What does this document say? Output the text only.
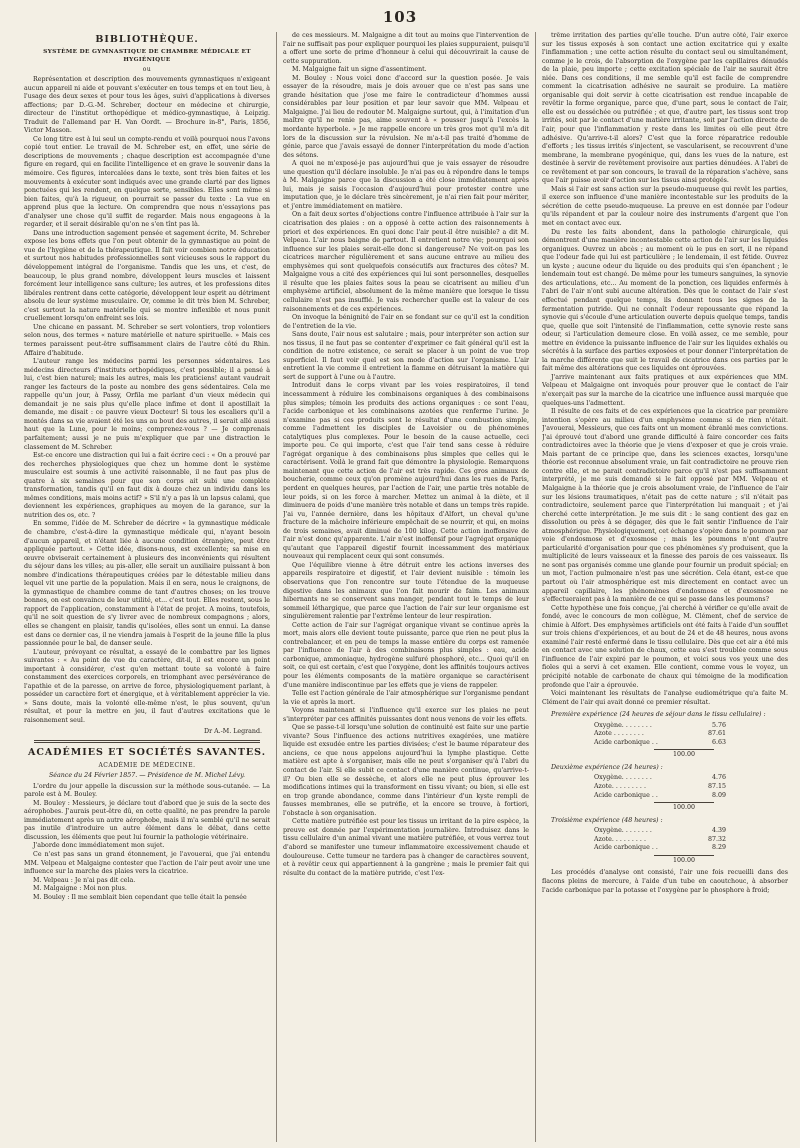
103
BIBLIOTHÈQUE.
SYSTÈME DE GYMNASTIQUE DE CHAMBRE MÉDICALE ET HYGIÉNIQUE
ou

Représentation et description des mouvements gymnastiques n'exigeant aucun appareil ni aide et pouvant s'exécuter en tous temps et en tout lieu, à l'usage des deux sexes et pour tous les âges, suivi d'applications à diverses affections; par D.-G.-M. Schreber, docteur en médecine et chirurgie, directeur de l'institut orthopédique et médico-gymnastique, à Leipzig. Traduit de l'allemand par H. Van Oordt. — Brochure in-8°, Paris, 1856, Victor Masson.

Ce long titre est à lui seul un compte-rendu et voilà pourquoi nous l'avons copié tout entier. Le travail de M. Schreber est, en effet, une série de descriptions de mouvements ; chaque description est accompagnée d'une figure en regard, qui en facilite l'intelligence et en grave le souvenir dans la mémoire. Ces figures, intercalées dans le texte, sont très bien faites et les mouvements à exécuter sont indiqués avec une grande clarté par des lignes ponctuées qui les rendent, en quelque sorte, sensibles. Elles sont même si bien faites, qu'à la rigueur, on pourrait se passer du texte : La vue en apprend plus que la lecture. On comprendra que nous n'essayions pas d'analyser une chose qu'il suffit de regarder. Mais nous engageons à la regarder, et il serait désirable qu'on ne s'en tînt pas là.

Dans une introduction sagement pensée et sagement écrite, M. Schreber expose les bons effets que l'on peut obtenir de la gymnastique au point de vue de l'hygiène et de la thérapeutique. Il fait voir combien notre éducation et surtout nos habitudes professionnelles sont vicieuses sous le rapport du développement intégral de l'organisme. Tandis que les uns, et c'est, de beaucoup, le plus grand nombre, développent leurs muscles et laissent forcément leur intelligence sans culture; les autres, et les professions dites libérales rentrent dans cette catégorie, développent leur esprit au détriment absolu de leur système musculaire. Or, comme le dit très bien M. Schreber, c'est surtout la nature matérielle qui se montre inflexible et nous punit cruellement lorsqu'on enfreint ses lois.

Une chicane en passant. M. Schreber se sert volontiers, trop volontiers selon nous, des termes « nature matérielle et nature spirituelle. » Mais ces termes paraissent peut-être suffisamment clairs de l'autre côté du Rhin. Affaire d'habitude.

L'auteur range les médecins parmi les personnes sédentaires. Les médecins directeurs d'instituts orthopédiques, c'est possible; il a pensé à lui, c'est bien naturel; mais les autres, mais les praticiens! autant vaudrait ranger les facteurs de la poste au nombre des gens sédentaires. Cela me rappelle qu'un jour, à Passy, Orfila me parlant d'un vieux médecin qui demandait je ne sais plus qu'elle place infime et dont il apostillait la demande, me disait : ce pauvre vieux Docteur! Si tous les escaliers qu'il a montés dans sa vie avaient été les uns au bout des autres, il serait allé aussi haut que la Lune, pour le moins; comprenez-vous ? — Je comprenais parfaitement; aussi je ne puis m'expliquer que par une distraction le classement de M. Schreber.

Est-ce encore une distraction qui lui a fait écrire ceci : « On a prouvé par des recherches physiologiques que chez un homme dont le système musculaire est soumis à une activité raisonnable, il ne faut pas plus de quatre à six semaines pour que son corps ait subi une complète transformation, tandis qu'il en faut dix à douze chez un individu dans les mêmes conditions, mais moins actif? » S'il n'y a pas là un lapsus calami, que deviennent les expériences, graphiques au moyen de la garance, sur la nutrition des os, etc. ?

En somme, l'idée de M. Schreber de décrire « la gymnastique médicale de chambre, c'est-à-dire la gymnastique médicale qui, n'ayant besoin d'aucun appareil, et n'étant liée à aucune condition étrangère, peut être appliquée partout. » Cette idée, disons-nous, est excellente; sa mise en œuvre obviserait certainement à plusieurs des inconvénients qui résultent du séjour dans les villes; au pis-aller, elle serait un auxiliaire puissant à bon nombre d'indications thérapeutiques créées par le détestable milieu dans lequel vit une partie de la population. Mais il en sera, nous le craignons, de la gymnastique de chambre comme de tant d'autres choses; on les trouve bonnes, on est convaincu de leur utilité, et... c'est tout. Elles restent, sous le rapport de l'application, constamment à l'état de projet. A moins, toutefois, qu'il ne soit question de s'y livrer avec de nombreux compagnons ; alors, elles se changent en plaisir, tandis qu'isolées, elles sont un ennui. La danse est dans ce dernier cas, il ne viendra jamais à l'esprit de la jeune fille la plus passionnée pour le bal, de danser seule.

L'auteur, prévoyant ce résultat, a essayé de le combattre par les lignes suivantes : « Au point de vue du caractère, dit-il, il est encore un point important à considérer, c'est qu'en mettant toute sa volonté à faire constamment des exercices corporels, en triomphant avec persévérance de l'apathie et de la paresse, on arrive de force, physiologiquement parlant, à posséder un caractère fort et énergique, et à véritablement apprécier la vie. » Sans doute, mais la volonté elle-même n'est, le plus souvent, qu'un résultat, et pour la mettre en jeu, il faut d'autres excitations que le raisonnement seul.

Dr A.-M. Legrand.
ACADÉMIES ET SOCIÉTÉS SAVANTES.
ACADÉMIE DE MÉDECINE.
Séance du 24 Février 1857. — Présidence de M. Michel Lévy.

L'ordre du jour appelle la discussion sur la méthode sous-cutanée. — La parole est à M. Bouley.

M. Bouley : Messieurs, je déclare tout d'abord que je suis de la secte des aérophobes. J'aurais peut-être dû, en cette qualité, ne pas prendre la parole immédiatement après un autre aérophobe, mais il m'a semblé qu'il ne serait pas inutile d'introduire un autre élément dans le débat, dans cette discussion, les éléments que peut lui fournir la pathologie vétérinaire.

J'aborde donc immédiatement mon sujet.

Ce n'est pas sans un grand étonnement, je l'avouerai, que j'ai entendu MM. Velpeau et Malgaigne contester que l'action de l'air peut avoir une une influence sur la marche des plaies vers la cicatrice.

M. Velpeau : Je n'ai pas dit cela.

M. Malgaigne : Moi non plus.

M. Bouley : Il me semblait bien cependant que telle était la pensée

de ces messieurs. M. Malgaigne a dit tout au moins que l'intervention de l'air ne suffisait pas pour expliquer pourquoi les plaies suppuraient, puisqu'il a offert une sorte de prime d'honneur à celui qui découvrirait la cause de cette suppuration.

M. Malgaigne fait un signe d'assentiment.

M. Bouley : Nous voici donc d'accord sur la question posée. Je vais essayer de la résoudre, mais je dois avouer que ce n'est pas sans une grande hésitation que j'ose me faire le contradicteur d'hommes aussi considérables par leur position et par leur savoir que MM. Velpeau et Malgaigne. J'ai lieu de redouter M. Malgaigne surtout, qui, à l'imitation d'un maître qu'il ne renie pas, aime souvent à « pousser jusqu'à l'excès la mordante hyperbole. » Je me rappelle encore un très gros mot qu'il m'a dit lors de la discussion sur la révulsion. Ne m'a-t-il pas traité d'homme de génie, parce que j'avais essayé de donner l'interprétation du mode d'action des sétons.

A quoi ne m'exposé-je pas aujourd'hui que je vais essayer de résoudre une question qu'il déclare insoluble. Je n'ai pas eu à répondre dans le temps à M. Malgaigne parce que la discussion a été close immédiatement après lui, mais je saisis l'occasion d'aujourd'hui pour protester contre une imputation que, je le déclare très sincèrement, je n'ai rien fait pour mériter, et j'entre immédiatement en matière.

On a fait deux sortes d'objections contre l'influence attribuée à l'air sur la cicatrisation des plaies : on a opposé à cette action des raisonnements à priori et des expériences. En quoi donc l'air peut-il être nuisible? a dit M. Velpeau. L'air nous baigne de partout. Il entretient notre vie; pourquoi son influence sur les plaies serait-elle donc si dangereuse? Ne voit-on pas les cicatrices marcher régulièrement et sans aucune entrave au milieu des emphysèmes qui sont quelquefois consécutifs aux fractures des côtes? M. Malgaigne vous a cité des expériences qui lui sont personnelles, desquelles il résulte que les plaies faites sous la peau se cicatrisent au milieu d'un emphysème artificiel, absolument de la même manière que lorsque le tissu cellulaire n'est pas insufflé. Je vais rechercher quelle est la valeur de ces raisonnements et de ces expériences.

On invoque la bénignité de l'air en se fondant sur ce qu'il est la condition de l'entretien de la vie.

Sans doute, l'air nous est salutaire ; mais, pour interpréter son action sur nos tissus, il ne faut pas se contenter d'exprimer ce fait général qu'il est la condition de notre existence, ce serait se placer à un point de vue trop superficiel. Il faut voir quel est son mode d'action sur l'organisme. L'air entretient la vie comme il entretient la flamme en détruisant la matière qui sert de support à l'une ou à l'autre.

Introduit dans le corps vivant par les voies respiratoires, il tend incessamment à réduire les combinaisons organiques à des combinaisons plus simples; témoin les produits des actions organiques : ce sont l'eau, l'acide carbonique et les combinaisons azotées que renferme l'urine. Je n'examine pas si ces produits sont le résultat d'une combustion simple, comme l'admettent les disciples de Lavoisier ou de phénomènes catalytiques plus complexes. Pour le besoin de la cause actuelle, ceci importe peu. Ce qui importe, c'est que l'air tend sans cesse à réduire l'agrégat organique à des combinaisons plus simples que celles qui le caractérisent. Voilà le grand fait que démontre la physiologie. Remarquons maintenant que cette action de l'air est très rapide. Ces gros animaux de boucherie, comme ceux qu'on promène aujourd'hui dans les rues de Paris, perdent en quelques heures, par l'action de l'air, une partie très notable de leur poids, si on les force à marcher. Mettez un animal à la diète, et il diminuera de poids d'une manière très notable et dans un temps très rapide. J'ai vu, l'année dernière, dans les hôpitaux d'Alfort, un cheval qu'une fracture de la mâchoire inférieure empêchait de se nourrir, et qui, en moins de trois semaines, avait diminué de 100 kilog. Cette action inoffensive de l'air n'est donc qu'apparente. L'air n'est inoffensif pour l'agrégat organique qu'autant que l'appareil digestif fournit incessamment des matériaux nouveaux qui remplacent ceux qui sont consumés.

Que l'équilibre vienne à être détruit entre les actions inverses des appareils respiratoire et digestif, et l'air devient nuisible : témoin les observations que l'on rencontre sur toute l'étendue de la muqueuse digestive dans les animaux que l'on fait mourir de faim. Les animaux hibernants ne se conservent sans manger, pendant tout le temps de leur sommeil léthargique, que parce que l'action de l'air sur leur organisme est singulièrement ralentie par l'extrême lenteur de leur respiration.

Cette action de l'air sur l'agrégat organique vivant se continue après la mort, mais alors elle devient toute puissante, parce que rien ne peut plus la contrebalancer, et en peu de temps la masse entière du corps est ramenée par l'influence de l'air à des combinaisons plus simples : eau, acide carbonique, ammoniaque, hydrogène sulfuré phosphoré, etc... Quoi qu'il en soit, ce qui est certain, c'est que l'oxygène, dont les affinités toujours actives pour les éléments composants de la matière organique se caractérisent d'une manière indiscontinue par les effets que je viens de rappeler.

Telle est l'action générale de l'air atmosphérique sur l'organisme pendant la vie et après la mort.

Voyons maintenant si l'influence qu'il exerce sur les plaies ne peut s'interpréter par ces affinités puissantes dont nous venons de voir les effets.

Que se passe-t-il lorsqu'une solution de continuité est faite sur une partie vivante? Sous l'influence des actions nutritives exagérées, une matière liquide est exsudée entre les parties divisées; c'est le baume réparateur des anciens, ce que nous appelons aujourd'hui la lymphe plastique. Cette matière est apte à s'organiser, mais elle ne peut s'organiser qu'à l'abri du contact de l'air. Si elle subit ce contact d'une manière continue, qu'arrive-t-il? Ou bien elle se dessèche, et alors elle ne peut plus éprouver les modifications intimes qui la transforment en tissu vivant; ou bien, si elle est en trop grande abondance, comme dans l'intérieur d'un kyste rempli de fausses membranes, elle se putréfie, et la encore se trouve, à fortiori, l'obstacle à son organisation.

Cette matière putréfiée est pour les tissus un irritant de la pire espèce, la preuve est donnée par l'expérimentation journalière. Introduisez dans le tissu cellulaire d'un animal vivant une matière putréfiée, et vous verrez tout d'abord se manifester une tumeur inflammatoire excessivement chaude et douloureuse. Cette tumeur ne tardera pas à changer de caractères souvent, et à revêtir ceux qui appartiennent à la gangrène ; mais le premier fait qui résulte du contact de la matière putride, c'est l'ex-

trême irritation des parties qu'elle touche. D'un autre côté, l'air exerce sur les tissus exposés à son contact une action excitatrice qui y exalte l'inflammation ; une cette action résulte du contact seul ou simultanément, comme je le crois, de l'absorption de l'oxygène par les capillaires dénudés de la plaie, peu importe ; cette excitation spéciale de l'air ne saurait être niée. Dans ces conditions, il me semble qu'il est facile de comprendre comment la cicatrisation adhésive ne saurait se produire. La matière organisable qui doit servir à cette cicatrisation est rendue incapable de revêtir la forme organique, parce que, d'une part, sous le contact de l'air, elle est ou desséchée ou putréfiée ; et que, d'autre part, les tissus sont trop irrités, soit par le contact d'une matière irritante, soit par l'action directe de l'air, pour que l'inflammation y reste dans les limites où elle peut être adhésive. Qu'arrive-t-il alors? C'est que la force réparatrice redouble d'efforts ; les tissus irrités s'injectent, se vascularisent, se recouvrent d'une membrane, la membrane pyogénique, qui, dans les vues de la nature, est destinée à servir de revêtement provisoire aux parties dénudées. A l'abri de ce revêtement et par son concours, le travail de la réparation s'achève, sans que l'air puisse avoir d'action sur les tissus ainsi protégés.

Mais si l'air est sans action sur la pseudo-muqueuse qui revêt les parties, il exerce son influence d'une manière incontestable sur les produits de la sécrétion de cette pseudo-muqueuse. La preuve en est donnée par l'odeur qu'ils répandent et par la couleur noire des instruments d'argent que l'on met en contact avec eux.

Du reste les faits abondent, dans la pathologie chirurgicale, qui démontrent d'une manière incontestable cette action de l'air sur les liquides organiques. Ouvrez un abcès ; au moment où le pus en sort, il ne répand que l'odeur fade qui lui est particulière ; le lendemain, il est fétide. Ouvrez un kyste ; aucune odeur du liquide ou des produits qui s'en épanchent ; le lendemain tout est changé. De même pour les tumeurs sanguines, la synovie des articulations, etc... Au moment de la ponction, ces liquides enfermés à l'abri de l'air n'ont subi aucune altération. Dès que le contact de l'air s'est effectué pendant quelque temps, ils donnent tous les signes de la fermentation putride. Qui ne connaît l'odeur repoussante que répand la synovie qui s'écoule d'une articulation ouverte depuis quelque temps, tandis que, quelle que soit l'intensité de l'inflammation, cette synovie reste sans odeur, si l'articulation demeure close. En voilà assez, ce me semble, pour mettre en évidence la puissante influence de l'air sur les liquides exhalés ou sécrétés à la surface des parties exposées et pour donner l'interprétation de la marche différente que suit le travail de cicatrice dans ces parties par le fait même des altérations que ces liquides ont éprouvées.

J'arrive maintenant aux faits pratiques et aux expériences que MM. Velpeau et Malgaigne ont invoqués pour prouver que le contact de l'air n'exerçait pas sur la marche de la cicatrice une influence aussi marquée que quelques-uns l'admettent.

Il résulte de ces faits et de ces expériences que la cicatrice par première intention s'opère au milieu d'un emphysème comme si de rien n'était. J'avouerai, Messieurs, que ces faits ont un moment ébranlé mes convictions. J'ai éprouvé tout d'abord une grande difficulté à faire concorder ces faits contradictoires avec la théorie que je viens d'exposer et que je crois vraie. Mais partant de ce principe que, dans les sciences exactes, lorsqu'une théorie est reconnue absolument vraie, un fait contradictoire ne prouve rien contre elle, et ne parait contradictoire parce qu'il n'est pas suffisamment interprété, je me suis demandé si le fait opposé par MM. Velpeau et Malgaigne à la théorie que je crois absolument vraie, de l'influence de l'air sur les lésions traumatiques, n'était pas de cette nature ; s'il n'était pas contradictoire, seulement parce que l'interprétation lui manquait ; et j'ai cherché cette interprétation. Je me suis dit : le sang contient des gaz en dissolution ou près à se dégager, dès que le fait sentir l'influence de l'air atmosphérique. Physiologiquement, cet échange s'opère dans le poumon par voie d'endosmose et d'exosmose ; mais les poumons n'ont d'autre particularité d'organisation pour que ces phénomènes s'y produisent, que la multiplicité de leurs vaisseaux et la finesse des parois de ces vaisseaux. Ils ne sont pas organisés comme une glande pour fournir un produit spécial; en un mot, l'action pulmonaire n'est pas une sécrétion. Cela étant, est-ce que partout où l'air atmosphérique est mis directement en contact avec un appareil capillaire, les phénomènes d'endosmose et d'exosmose ne s'effectueraient pas à la manière de ce qui se passe dans les poumons?

Cette hypothèse une fois conçue, j'ai cherché à vérifier ce qu'elle avait de fondé, avec le concours de mon collègue, M. Clément, chef de service de chimie à Alfort. Des emphysèmes artificiels ont été faits à l'aide d'un soufflet sur trois chiens d'expériences, et au bout de 24 et de 48 heures, nous avons examiné l'air resté enfermé dans le tissu cellulaire. Dès que cet air a été mis en contact avec une solution de chaux, cette eau s'est troublée comme sous l'influence de l'air expiré par le poumon, et voici sous vos yeux une des fioles qui a servi à cet examen. Elle contient, comme vous le voyez, un précipité notable de carbonate de chaux qui témoigne de la modification profonde que l'air a éprouvée.

Voici maintenant les résultats de l'analyse eudiométrique qu'a faite M. Clément de l'air qui avait donné ce premier résultat.

Première expérience (24 heures de séjour dans le tissu cellulaire) :
Oxygène. . . . . . . .	5.76
Azote . . . . . . . .	87.61
Acide carbonique . .	6.63
100.00
Deuxième expérience (24 heures) :
Oxygène. . . . . . . .	4.76
Azote. . . . . . . . .	87.15
Acide carbonique . .	8.09
100.00
Troisième expérience (48 heures) :
Oxygène. . . . . . . .	4.39
Azote. . . . . . . . .	87.32
Acide carbonique . .	8.29
100.00

Les procédés d'analyse ont consisté, l'air une fois recueilli dans des flacons pleins de mercure, à l'aide d'un tube en caoutchouc, à absorber l'acide carbonique par la potasse et l'oxygène par le phosphore à froid;
